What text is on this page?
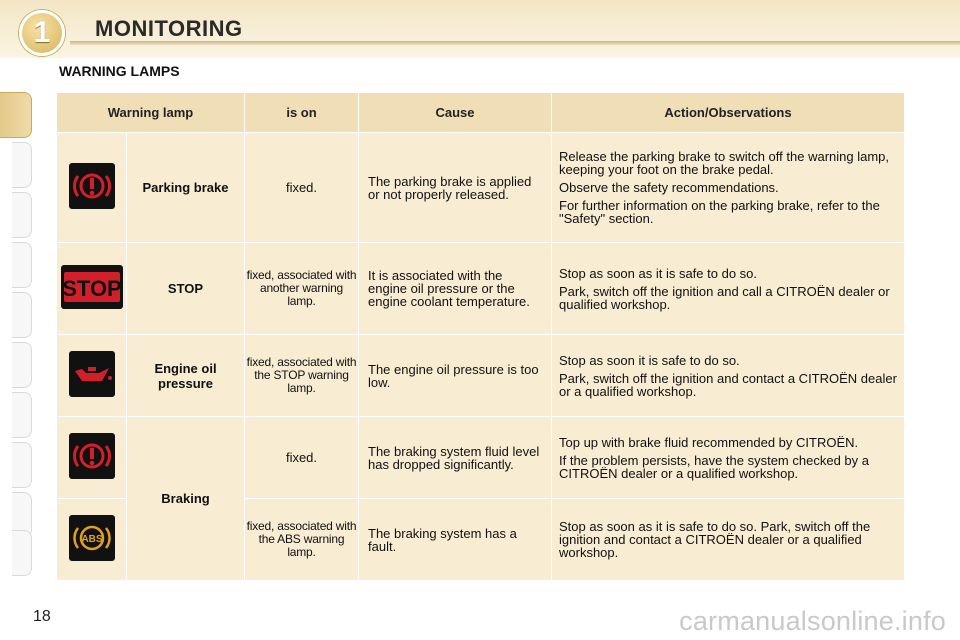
1	MONITORING
WARNING LAMPS
Warning lamp		is on	Cause	Action/Observations

	Parking brake	fixed.	The parking brake is applied or not properly released.	Release the parking brake to switch off the warning lamp, keeping your foot on the brake pedal.

Observe the safety recommendations.

For further information on the parking brake, refer to the "Safety" section.

STOP	STOP	fixed, associated with another warning lamp.	It is associated with the engine oil pressure or the engine coolant temperature.	Stop as soon as it is safe to do so.

Park, switch off the ignition and call a CITROËN dealer or qualified workshop.

	Engine oil pressure	fixed, associated with the STOP warning lamp.	The engine oil pressure is too low.	Stop as soon it is safe to do so.

Park, switch off the ignition and contact a CITROËN dealer or a qualified workshop.

	Braking	fixed.	The braking system fluid level has dropped significantly.	Top up with brake fluid recommended by CITROËN.

If the problem persists, have the system checked by a CITROËN dealer or a qualified workshop.

ABS		fixed, associated with the ABS warning lamp.	The braking system has a fault.	Stop as soon as it is safe to do so. Park, switch off the ignition and contact a CITROËN dealer or a qualified workshop.

18	carmanualsonline.info
